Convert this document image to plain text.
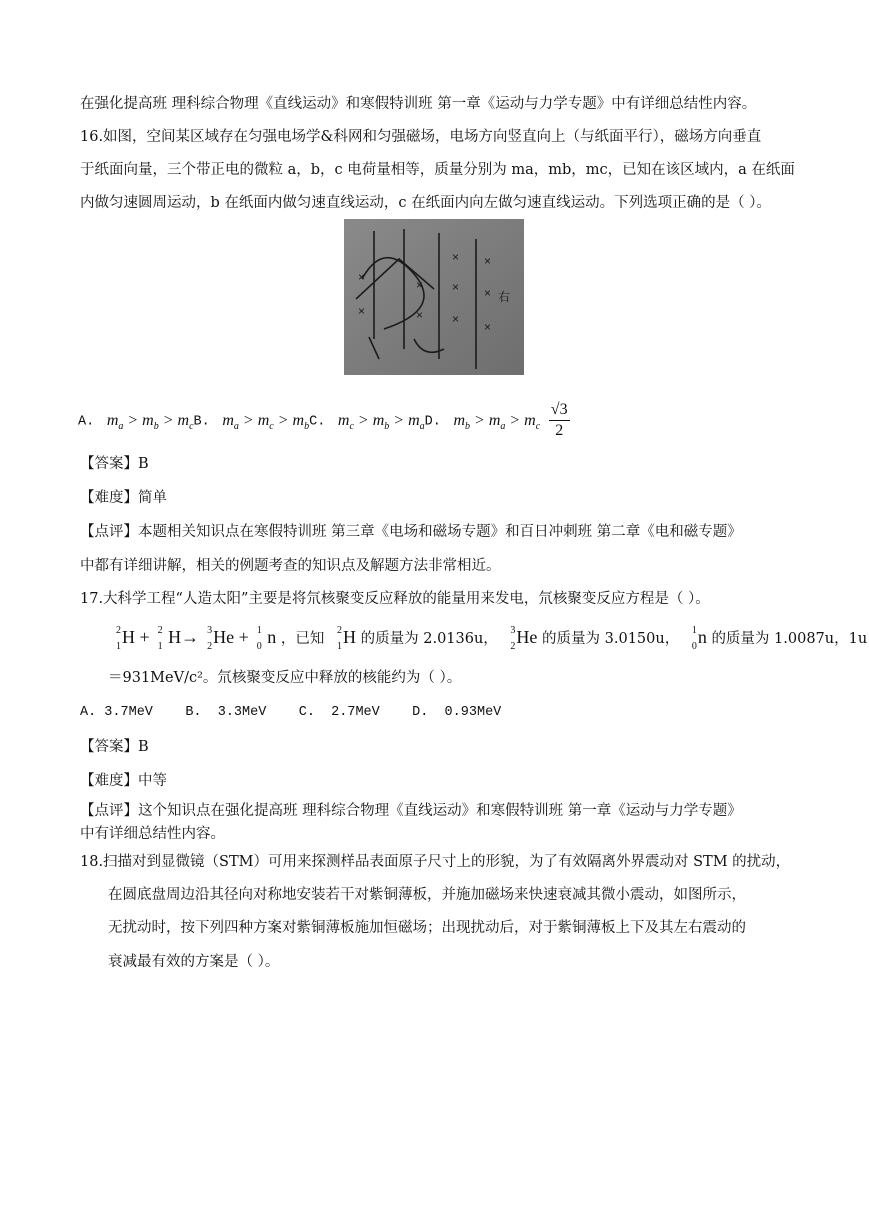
在强化提高班 理科综合物理《直线运动》和寒假特训班 第一章《运动与力学专题》中有详细总结性内容。
16.如图，空间某区域存在匀强电场学&科网和匀强磁场，电场方向竖直向上（与纸面平行），磁场方向垂直
于纸面向量，三个带正电的微粒 a，b，c 电荷量相等，质量分别为 ma，mb，mc，已知在该区域内，a 在纸面
内做匀速圆周运动，b 在纸面内做匀速直线运动，c 在纸面内向左做匀速直线运动。下列选项正确的是（ ）。
× ×
× ×
×
×
×
×
×
×
右
A.   $m_a > m_b > m_cB$.   $m_a > m_c > m_bC$.   $m_c > m_b > m_aD$.   $m_b > m_a > m_c \frac{√3}{2}$
【答案】B
【难度】简单
【点评】本题相关知识点在寒假特训班 第三章《电场和磁场专题》和百日冲刺班 第二章《电和磁专题》
中都有详细讲解，相关的例题考查的知识点及解题方法非常相近。
17.大科学工程“人造太阳”主要是将氘核聚变反应释放的能量用来发电，氘核聚变反应方程是（ ）。
2
1 H + 2
1 H→ 3
2 He + 1
0 n ，已知
2
1 H 的质量为 2.0136u，
3
2 He 的质量为 3.0150u，
1
0 n 的质量为 1.0087u，1u
＝931MeV/c²。氘核聚变反应中释放的核能约为（ ）。
A. 3.7MeV    B.  3.3MeV    C.  2.7MeV    D.  0.93MeV
【答案】B
【难度】中等
【点评】这个知识点在强化提高班 理科综合物理《直线运动》和寒假特训班 第一章《运动与力学专题》
中有详细总结性内容。
18.扫描对到显微镜（STM）可用来探测样品表面原子尺寸上的形貌，为了有效隔离外界震动对 STM 的扰动，
在圆底盘周边沿其径向对称地安装若干对紫铜薄板，并施加磁场来快速衰减其微小震动，如图所示，
无扰动时，按下列四种方案对紫铜薄板施加恒磁场；出现扰动后，对于紫铜薄板上下及其左右震动的
衰减最有效的方案是（ ）。
